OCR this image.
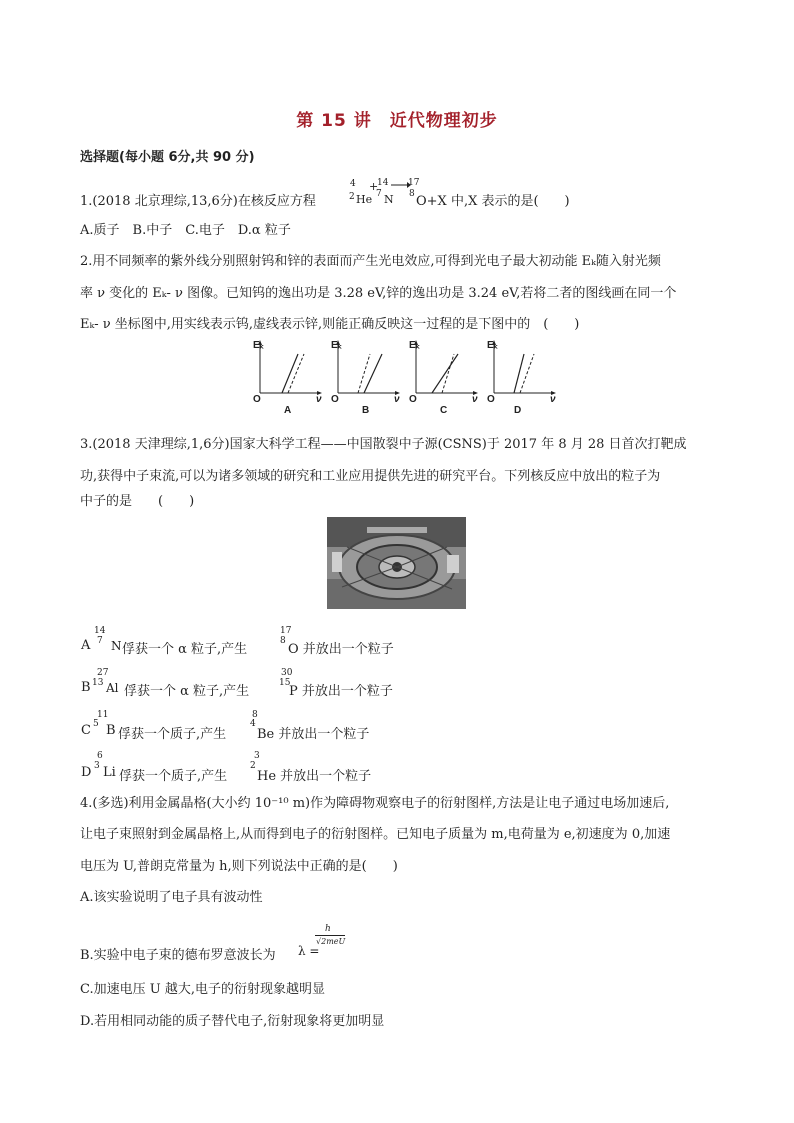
第 15 讲　近代物理初步
选择题(每小题 6分,共 90 分)
1.(2018 北京理综,13,6分)在核反应方程
4
2 He
+
14
7 N
17
8 O+X 中,X 表示的是(　　)
A.质子　B.中子　C.电子　D.α 粒子
2.用不同频率的紫外线分别照射钨和锌的表面而产生光电效应,可得到光电子最大初动能 Eₖ随入射光频
率 ν 变化的 Eₖ- ν 图像。已知钨的逸出功是 3.28 eV,锌的逸出功是 3.24 eV,若将二者的图线画在同一个
Eₖ- ν 坐标图中,用实线表示钨,虚线表示锌,则能正确反映这一过程的是下图中的　(　　)
Eₖ
O	ν
A
Eₖ
O	ν
B
Eₖ
O	ν
C
Eₖ
O	ν
D
3.(2018 天津理综,1,6分)国家大科学工程——中国散裂中子源(CSNS)于 2017 年 8 月 28 日首次打靶成
功,获得中子束流,可以为诸多领域的研究和工业应用提供先进的研究平台。下列核反应中放出的粒子为
中子的是　　(　　)
A
14
7 N 俘获一个 α 粒子,产生
17
8
O 并放出一个粒子
B
27
13 Al 俘获一个 α 粒子,产生
30
15
P 并放出一个粒子
C
11
5 B 俘获一个质子,产生
8
4
Be 并放出一个粒子
D
6
3 Li 俘获一个质子,产生
3
2
He 并放出一个粒子
4.(多选)利用金属晶格(大小约 10⁻¹⁰ m)作为障碍物观察电子的衍射图样,方法是让电子通过电场加速后,
让电子束照射到金属晶格上,从而得到电子的衍射图样。已知电子质量为 m,电荷量为 e,初速度为 0,加速
电压为 U,普朗克常量为 h,则下列说法中正确的是(　　)
A.该实验说明了电子具有波动性
B.实验中电子束的德布罗意波长为 λ =
h
√2meU
C.加速电压 U 越大,电子的衍射现象越明显
D.若用相同动能的质子替代电子,衍射现象将更加明显
